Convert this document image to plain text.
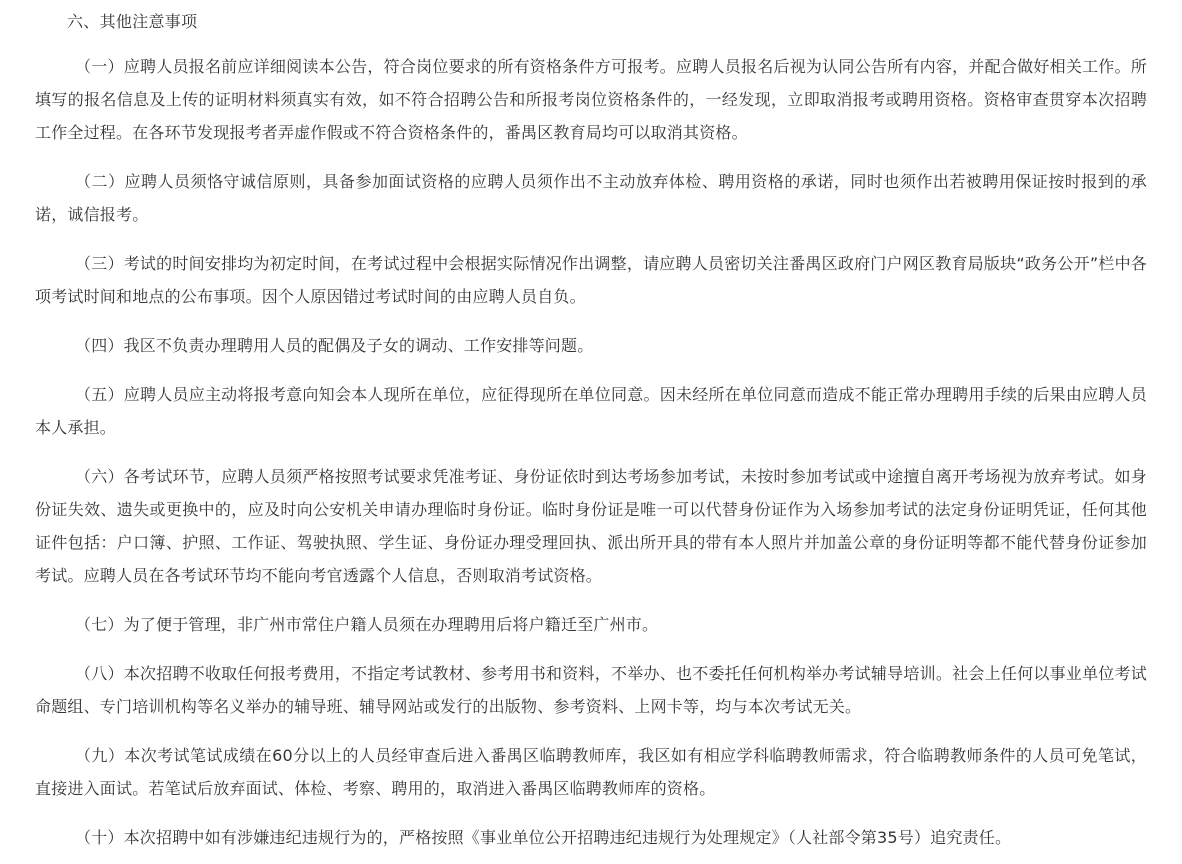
六、其他注意事项

（一）应聘人员报名前应详细阅读本公告，符合岗位要求的所有资格条件方可报考。应聘人员报名后视为认同公告所有内容，并配合做好相关工作。所填写的报名信息及上传的证明材料须真实有效，如不符合招聘公告和所报考岗位资格条件的，一经发现，立即取消报考或聘用资格。资格审查贯穿本次招聘工作全过程。在各环节发现报考者弄虚作假或不符合资格条件的，番禺区教育局均可以取消其资格。

（二）应聘人员须恪守诚信原则，具备参加面试资格的应聘人员须作出不主动放弃体检、聘用资格的承诺，同时也须作出若被聘用保证按时报到的承诺，诚信报考。

（三）考试的时间安排均为初定时间，在考试过程中会根据实际情况作出调整，请应聘人员密切关注番禺区政府门户网区教育局版块“政务公开”栏中各项考试时间和地点的公布事项。因个人原因错过考试时间的由应聘人员自负。

（四）我区不负责办理聘用人员的配偶及子女的调动、工作安排等问题。

（五）应聘人员应主动将报考意向知会本人现所在单位，应征得现所在单位同意。因未经所在单位同意而造成不能正常办理聘用手续的后果由应聘人员本人承担。

（六）各考试环节，应聘人员须严格按照考试要求凭准考证、身份证依时到达考场参加考试，未按时参加考试或中途擅自离开考场视为放弃考试。如身份证失效、遗失或更换中的，应及时向公安机关申请办理临时身份证。临时身份证是唯一可以代替身份证作为入场参加考试的法定身份证明凭证，任何其他证件包括：户口簿、护照、工作证、驾驶执照、学生证、身份证办理受理回执、派出所开具的带有本人照片并加盖公章的身份证明等都不能代替身份证参加考试。应聘人员在各考试环节均不能向考官透露个人信息，否则取消考试资格。

（七）为了便于管理，非广州市常住户籍人员须在办理聘用后将户籍迁至广州市。

（八）本次招聘不收取任何报考费用，不指定考试教材、参考用书和资料，不举办、也不委托任何机构举办考试辅导培训。社会上任何以事业单位考试命题组、专门培训机构等名义举办的辅导班、辅导网站或发行的出版物、参考资料、上网卡等，均与本次考试无关。

（九）本次考试笔试成绩在60分以上的人员经审查后进入番禺区临聘教师库，我区如有相应学科临聘教师需求，符合临聘教师条件的人员可免笔试，直接进入面试。若笔试后放弃面试、体检、考察、聘用的，取消进入番禺区临聘教师库的资格。

（十）本次招聘中如有涉嫌违纪违规行为的，严格按照《事业单位公开招聘违纪违规行为处理规定》（人社部令第35号）追究责任。
